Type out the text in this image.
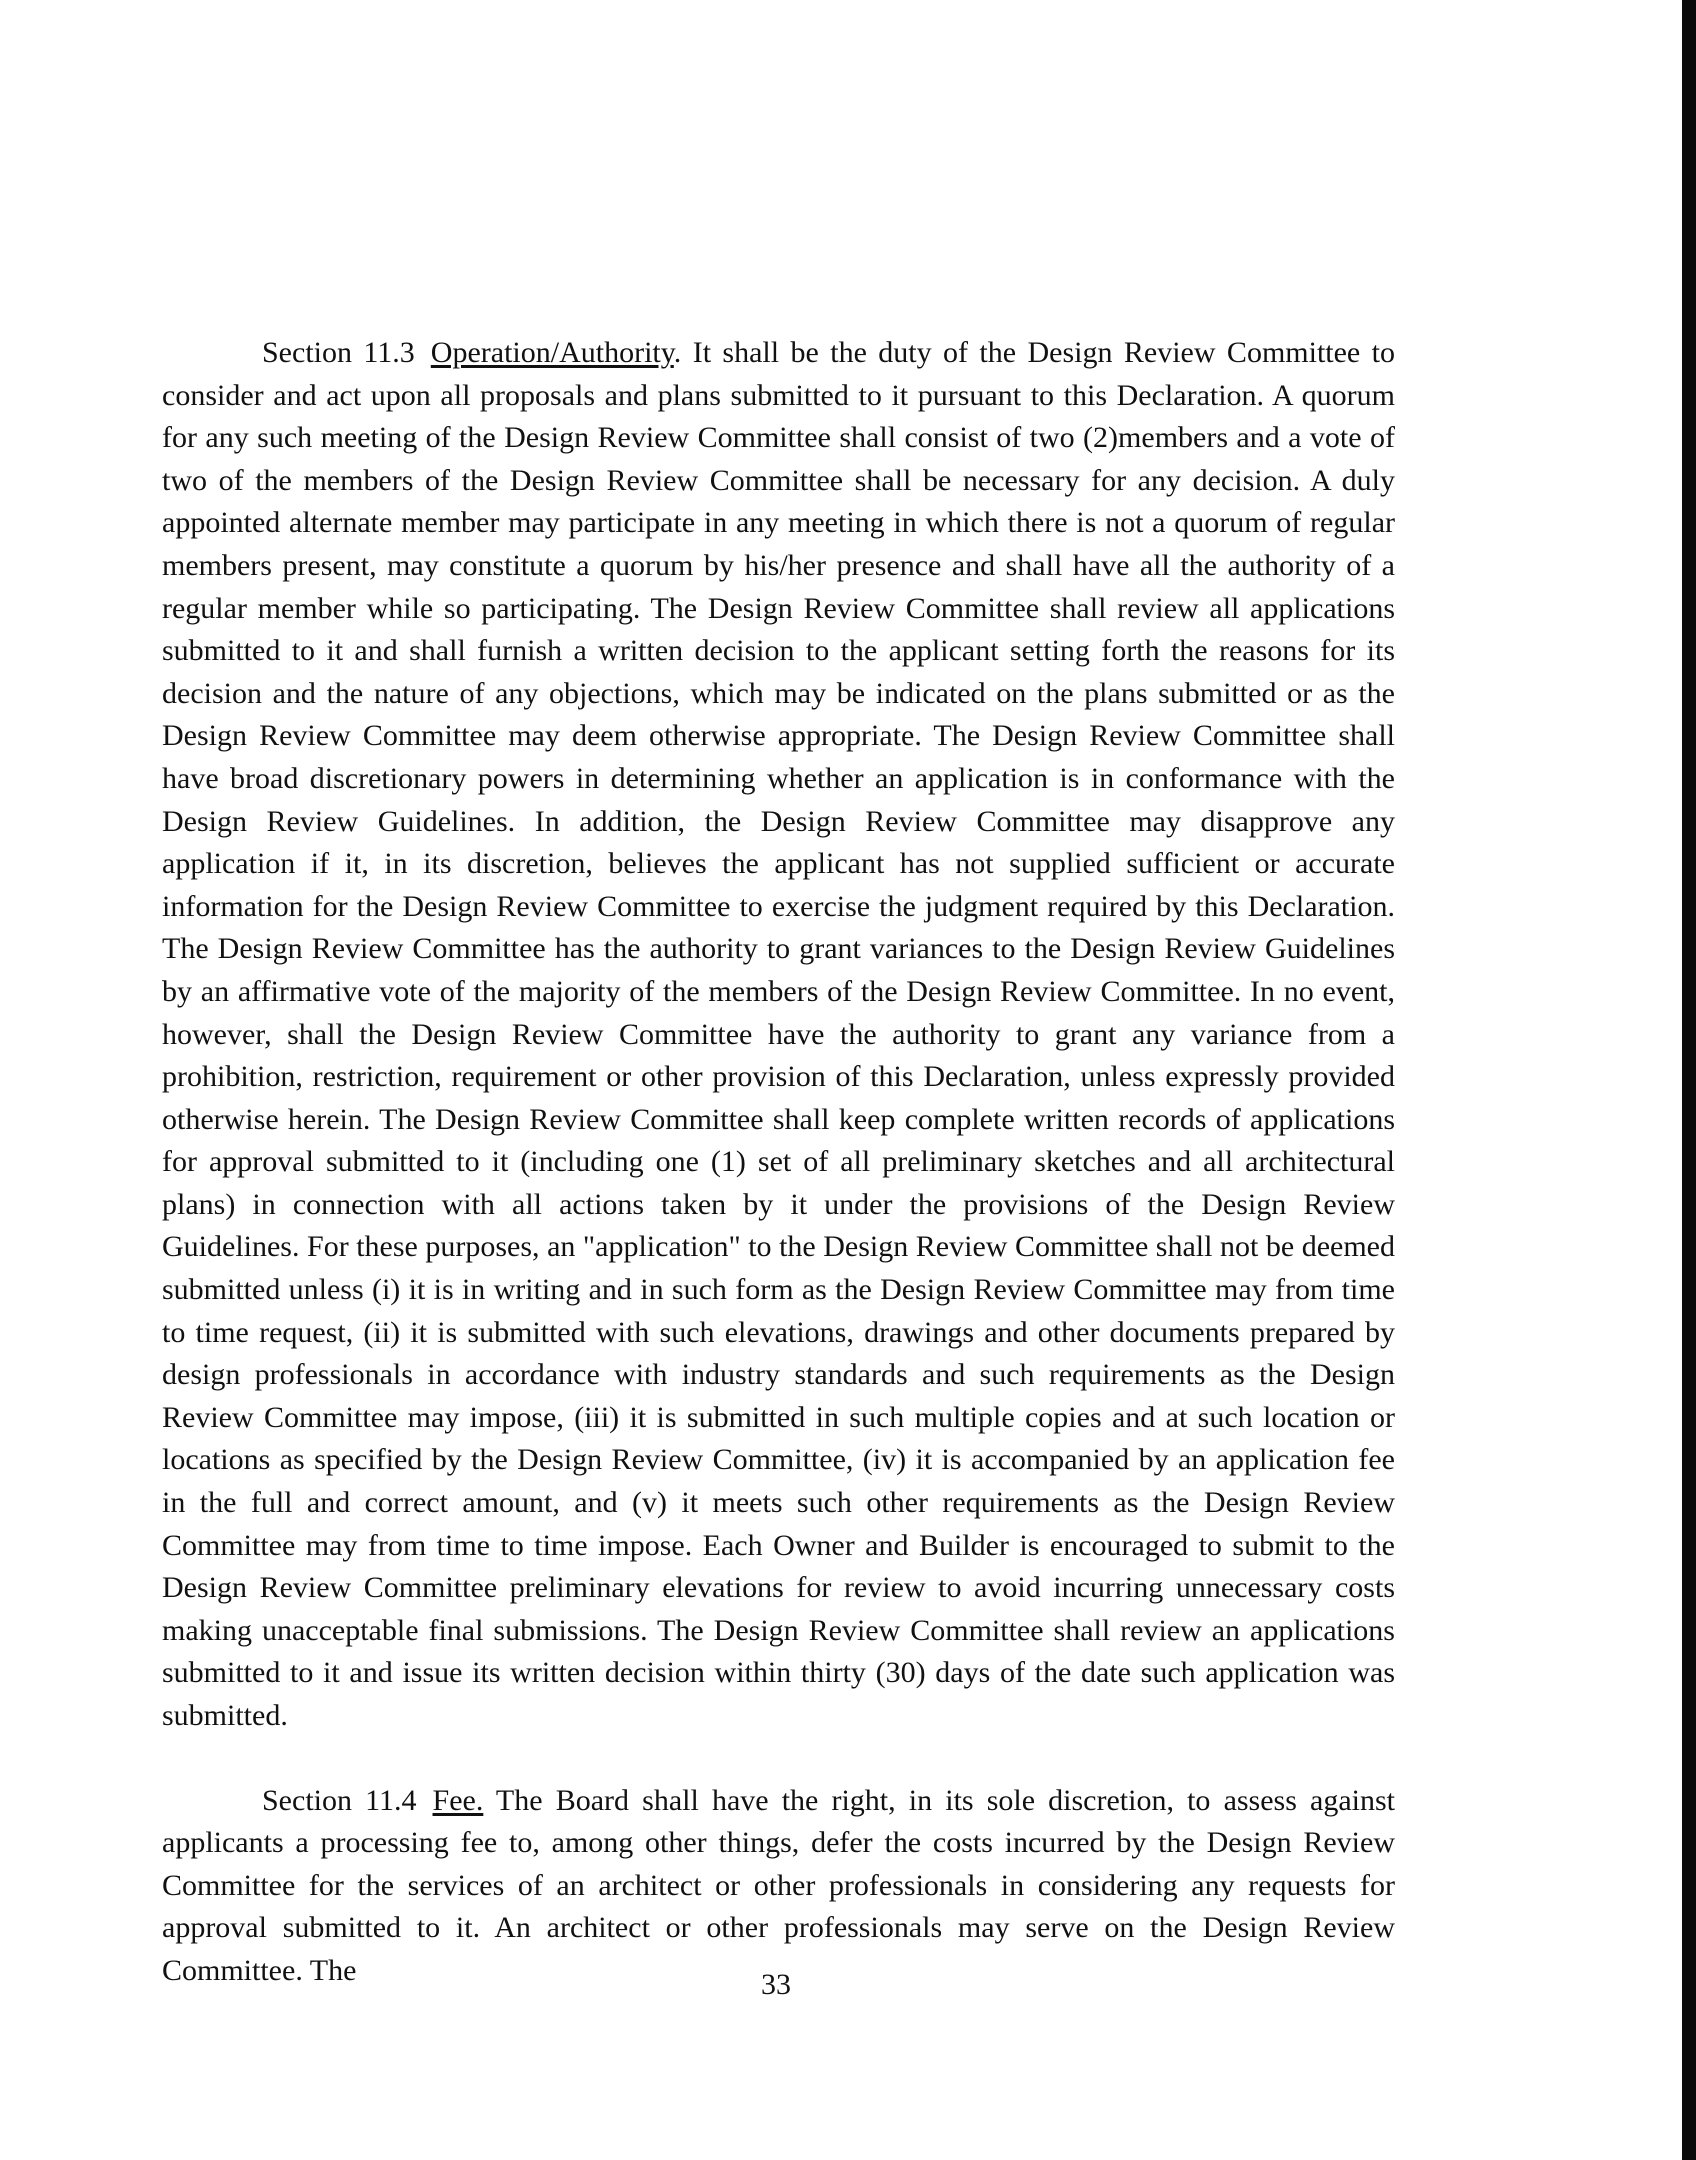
Section 11.3 Operation/Authority. It shall be the duty of the Design Review Committee to consider and act upon all proposals and plans submitted to it pursuant to this Declaration. A quorum for any such meeting of the Design Review Committee shall consist of two (2)members and a vote of two of the members of the Design Review Committee shall be necessary for any decision. A duly appointed alternate member may participate in any meeting in which there is not a quorum of regular members present, may constitute a quorum by his/her presence and shall have all the authority of a regular member while so participating. The Design Review Committee shall review all applications submitted to it and shall furnish a written decision to the applicant setting forth the reasons for its decision and the nature of any objections, which may be indicated on the plans submitted or as the Design Review Committee may deem otherwise appropriate. The Design Review Committee shall have broad discretionary powers in determining whether an application is in conformance with the Design Review Guidelines. In addition, the Design Review Committee may disapprove any application if it, in its discretion, believes the applicant has not supplied sufficient or accurate information for the Design Review Committee to exercise the judgment required by this Declaration. The Design Review Committee has the authority to grant variances to the Design Review Guidelines by an affirmative vote of the majority of the members of the Design Review Committee. In no event, however, shall the Design Review Committee have the authority to grant any variance from a prohibition, restriction, requirement or other provision of this Declaration, unless expressly provided otherwise herein. The Design Review Committee shall keep complete written records of applications for approval submitted to it (including one (1) set of all preliminary sketches and all architectural plans) in connection with all actions taken by it under the provisions of the Design Review Guidelines. For these purposes, an "application" to the Design Review Committee shall not be deemed submitted unless (i) it is in writing and in such form as the Design Review Committee may from time to time request, (ii) it is submitted with such elevations, drawings and other documents prepared by design professionals in accordance with industry standards and such requirements as the Design Review Committee may impose, (iii) it is submitted in such multiple copies and at such location or locations as specified by the Design Review Committee, (iv) it is accompanied by an application fee in the full and correct amount, and (v) it meets such other requirements as the Design Review Committee may from time to time impose. Each Owner and Builder is encouraged to submit to the Design Review Committee preliminary elevations for review to avoid incurring unnecessary costs making unacceptable final submissions. The Design Review Committee shall review an applications submitted to it and issue its written decision within thirty (30) days of the date such application was submitted.

Section 11.4 Fee. The Board shall have the right, in its sole discretion, to assess against applicants a processing fee to, among other things, defer the costs incurred by the Design Review Committee for the services of an architect or other professionals in considering any requests for approval submitted to it. An architect or other professionals may serve on the Design Review Committee. The	33
